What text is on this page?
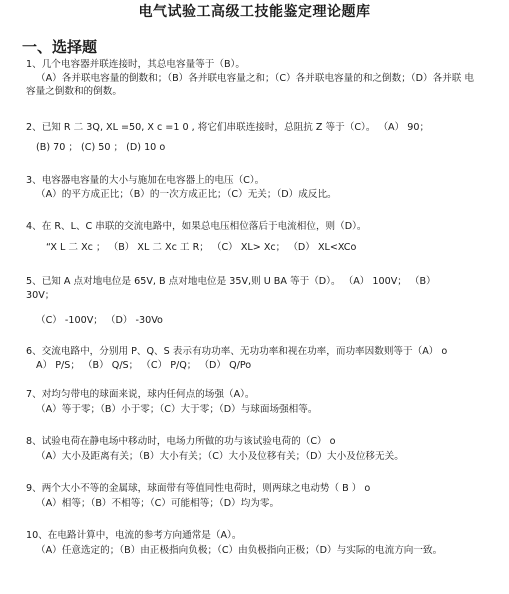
电气试验工高级工技能鉴定理论题库
一、选择题
1、几个电容器并联连接时，其总电容量等于（B）。
（A）各并联电容量的倒数和；（B）各并联电容量之和；（C）各并联电容量的和之倒数；（D）各并联 电
容量之倒数和的倒数。
2、已知 R 二 3Q, XL =50, X c =1 0 , 将它们串联连接时，总阻抗 Z 等于（C）。 （A） 90；
(B) 70 ； (C) 50 ； (D) 10 o
3、电容器电容量的大小与施加在电容器上的电压（C）。
（A）的平方成正比；（B）的一次方成正比；（C）无关；（D）成反比。
4、在 R、L、C 串联的交流电路中，如果总电压相位落后于电流相位，则（D）。
“X L 二 Xc ； （B） XL 二 Xc 工 R； （C） XL> Xc； （D） XL<XCo
5、已知 A 点对地电位是 65V, B 点对地电位是 35V,则 U BA 等于（D）。 （A） 100V； （B）
30V；
（C） -100V； （D） -30Vo
6、交流电路中，分别用 P、Q、S 表示有功功率、无功功率和视在功率，而功率因数则等于（A） o
A） P/S； （B） Q/S； （C） P/Q； （D） Q/Po
7、对均匀带电的球面来说，球内任何点的场强（A）。
（A）等于零；（B）小于零；（C）大于零；（D）与球面场强相等。
8、试验电荷在静电场中移动时，电场力所做的功与该试验电荷的（C） o
（A）大小及距离有关；（B）大小有关；（C）大小及位移有关；（D）大小及位移无关。
9、两个大小不等的金属球，球面带有等值同性电荷时，则两球之电动势（ B ） o
（A）相等；（B）不相等；（C）可能相等；（D）均为零。
10、在电路计算中，电流的参考方向通常是（A）。
（A）任意选定的；（B）由正极指向负极；（C）由负极指向正极；（D）与实际的电流方向一致。
